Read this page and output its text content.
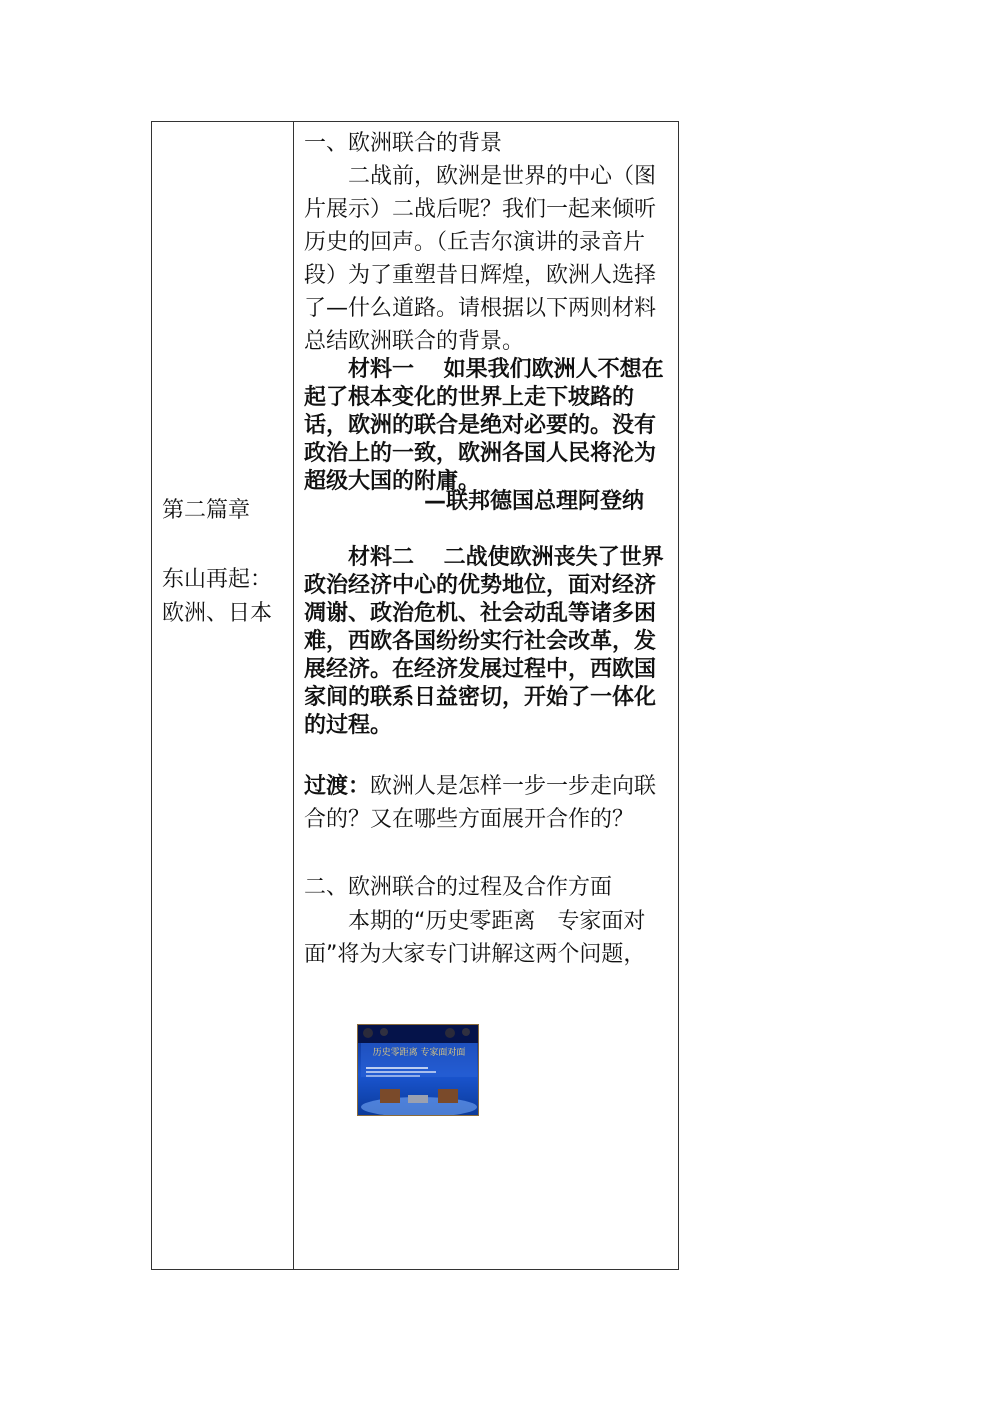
第二篇章
东山再起：
欧洲、日本
一、欧洲联合的背景
二战前，欧洲是世界的中心（图片展示）二战后呢？我们一起来倾听历史的回声。（丘吉尔演讲的录音片段）为了重塑昔日辉煌，欧洲人选择了—什么道路。请根据以下两则材料总结欧洲联合的背景。
材料一　 如果我们欧洲人不想在起了根本变化的世界上走下坡路的话，欧洲的联合是绝对必要的。没有政治上的一致，欧洲各国人民将沦为超级大国的附庸。
—联邦德国总理阿登纳
材料二　 二战使欧洲丧失了世界政治经济中心的优势地位，面对经济凋谢、政治危机、社会动乱等诸多困难，西欧各国纷纷实行社会改革，发展经济。在经济发展过程中，西欧国家间的联系日益密切，开始了一体化的过程。
过渡：欧洲人是怎样一步一步走向联合的？又在哪些方面展开合作的？
二、欧洲联合的过程及合作方面
本期的“历史零距离　专家面对面”将为大家专门讲解这两个问题，
历史零距离 专家面对面
